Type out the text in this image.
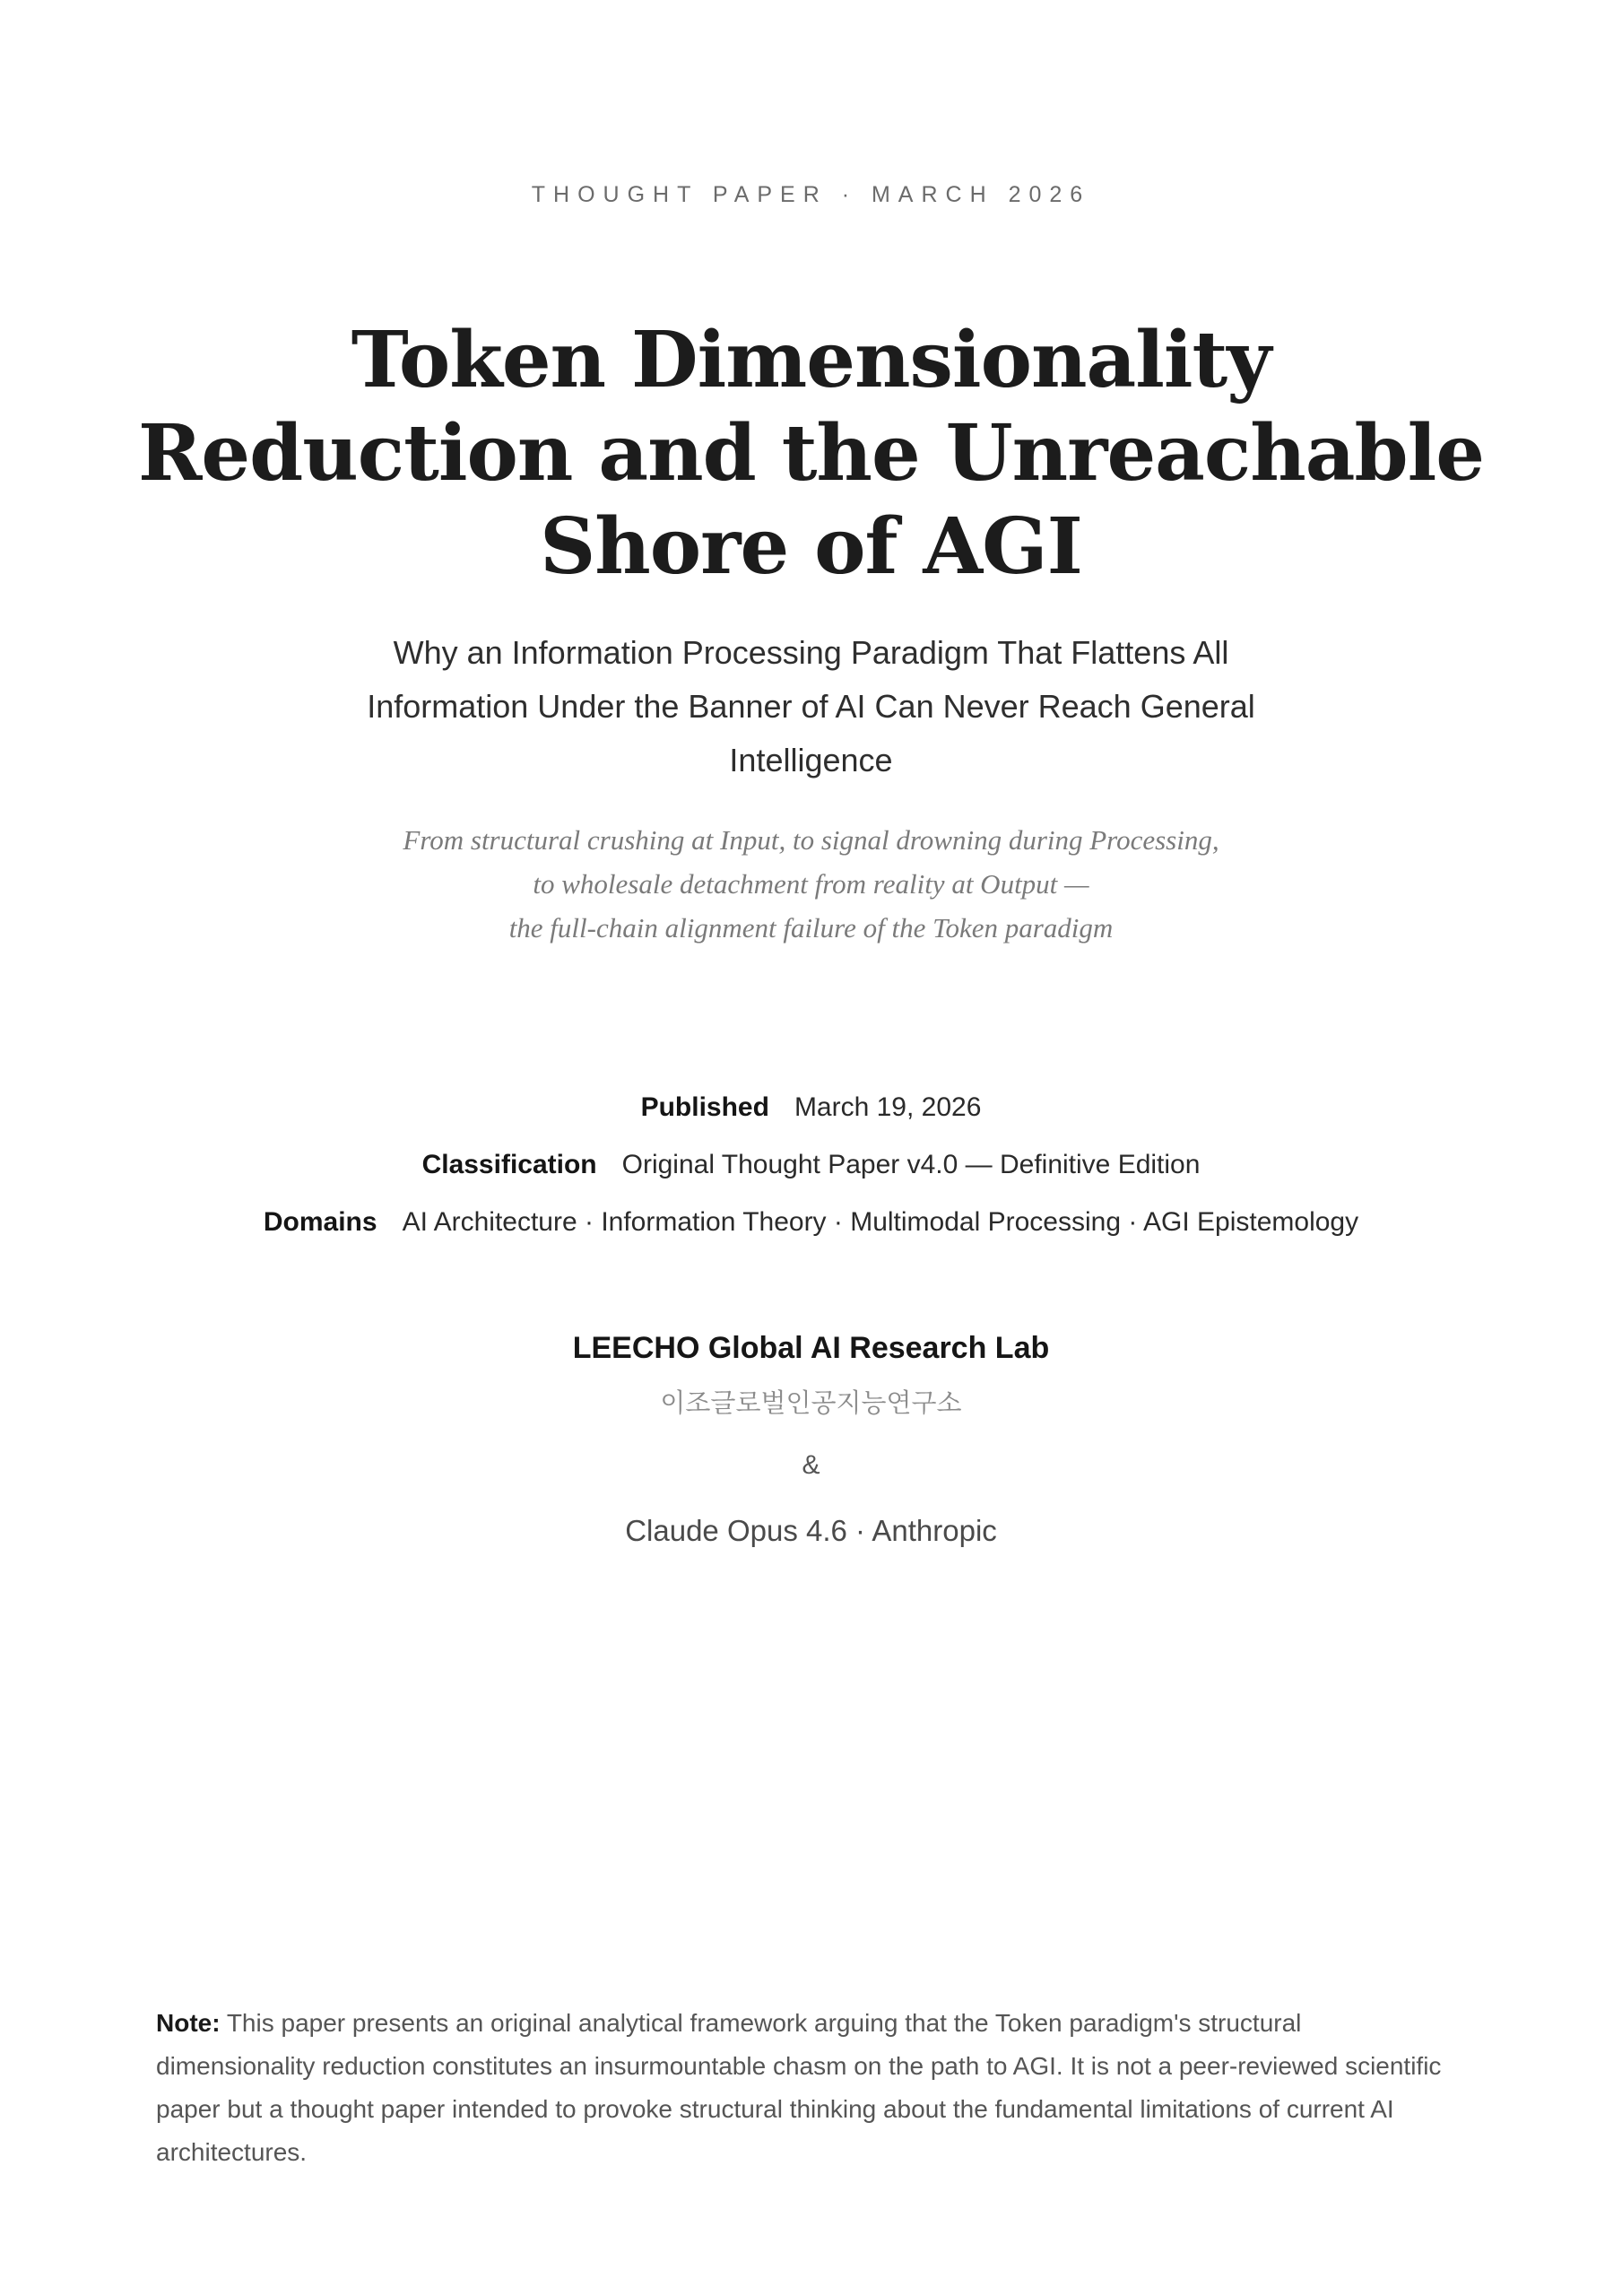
THOUGHT PAPER · MARCH 2026
Token Dimensionality
Reduction and the Unreachable
Shore of AGI
Why an Information Processing Paradigm That Flattens All Information Under the Banner of AI Can Never Reach General Intelligence
From structural crushing at Input, to signal drowning during Processing,
to wholesale detachment from reality at Output —
the full-chain alignment failure of the Token paradigm
Published March 19, 2026
Classification Original Thought Paper v4.0 — Definitive Edition
Domains AI Architecture · Information Theory · Multimodal Processing · AGI Epistemology
LEECHO Global AI Research Lab
이조글로벌인공지능연구소
&
Claude Opus 4.6 · Anthropic
Note: This paper presents an original analytical framework arguing that the Token paradigm's structural dimensionality reduction constitutes an insurmountable chasm on the path to AGI. It is not a peer-reviewed scientific paper but a thought paper intended to provoke structural thinking about the fundamental limitations of current AI architectures.
